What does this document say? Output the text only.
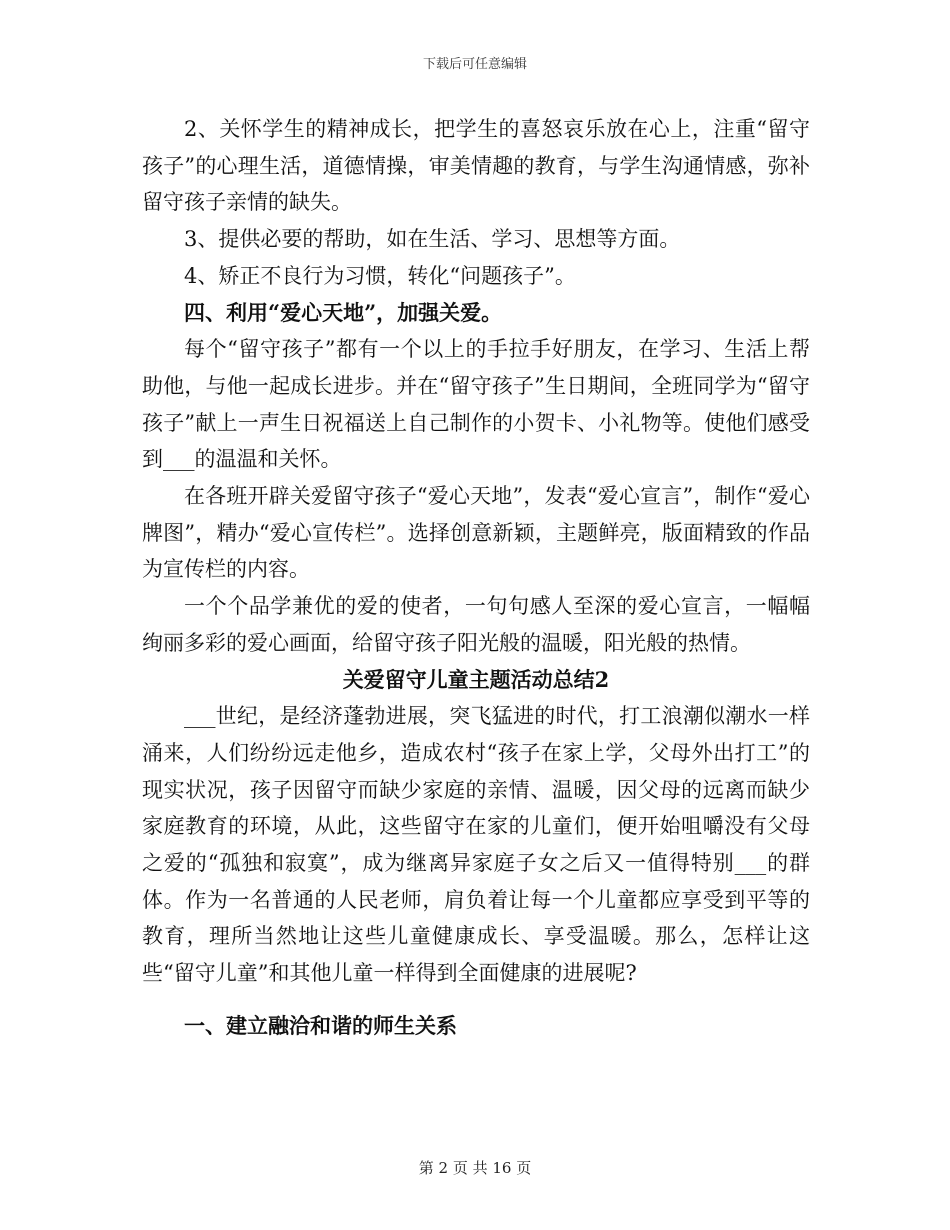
下载后可任意编辑

2、关怀学生的精神成长，把学生的喜怒哀乐放在心上，注重“留守孩子”的心理生活，道德情操，审美情趣的教育，与学生沟通情感，弥补留守孩子亲情的缺失。

3、提供必要的帮助，如在生活、学习、思想等方面。

4、矫正不良行为习惯，转化“问题孩子”。

四、利用“爱心天地”，加强关爱。

每个“留守孩子”都有一个以上的手拉手好朋友，在学习、生活上帮助他，与他一起成长进步。并在“留守孩子”生日期间，全班同学为“留守孩子”献上一声生日祝福送上自己制作的小贺卡、小礼物等。使他们感受到___的温温和关怀。

在各班开辟关爱留守孩子“爱心天地”，发表“爱心宣言”，制作“爱心牌图”，精办“爱心宣传栏”。选择创意新颖，主题鲜亮，版面精致的作品为宣传栏的内容。

一个个品学兼优的爱的使者，一句句感人至深的爱心宣言，一幅幅绚丽多彩的爱心画面，给留守孩子阳光般的温暖，阳光般的热情。

关爱留守儿童主题活动总结2

___世纪，是经济蓬勃进展，突飞猛进的时代，打工浪潮似潮水一样涌来，人们纷纷远走他乡，造成农村“孩子在家上学，父母外出打工”的现实状况，孩子因留守而缺少家庭的亲情、温暖，因父母的远离而缺少家庭教育的环境，从此，这些留守在家的儿童们，便开始咀嚼没有父母之爱的“孤独和寂寞”，成为继离异家庭子女之后又一值得特别___的群体。作为一名普通的人民老师，肩负着让每一个儿童都应享受到平等的教育，理所当然地让这些儿童健康成长、享受温暖。那么，怎样让这些“留守儿童”和其他儿童一样得到全面健康的进展呢?

一、建立融洽和谐的师生关系

第 2 页 共 16 页
